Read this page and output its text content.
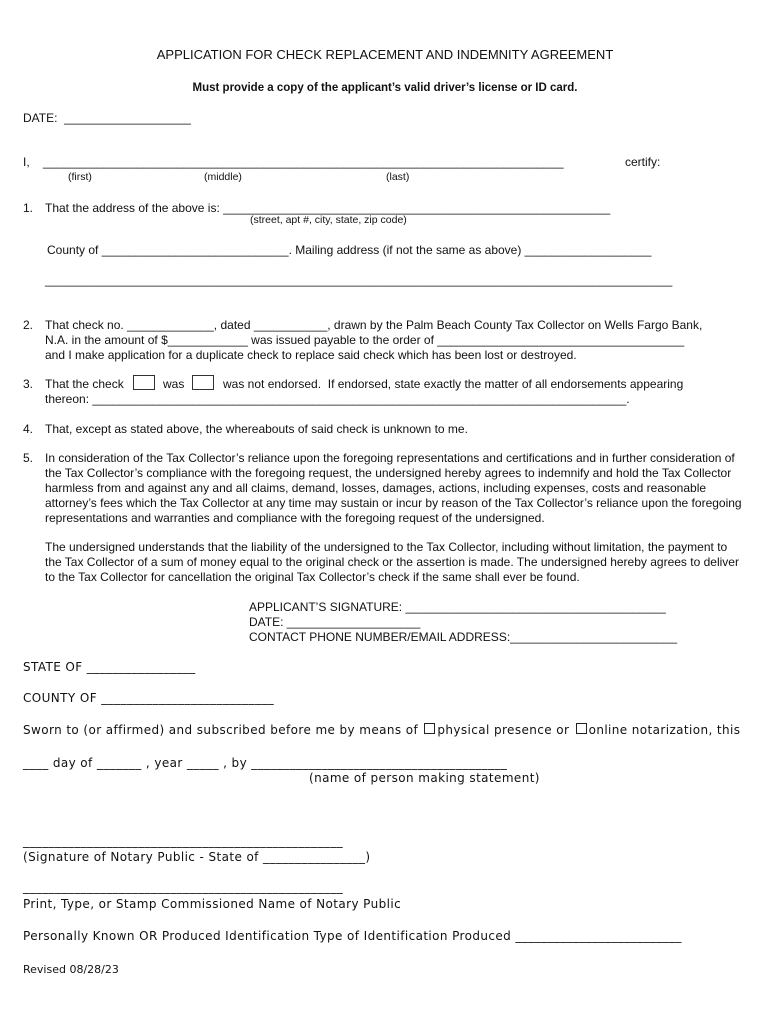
APPLICATION FOR CHECK REPLACEMENT AND INDEMNITY AGREEMENT
Must provide a copy of the applicant’s valid driver’s license or ID card.
DATE:  ___________________
I, ______________________________________________________________________________	certify:
(first)	(middle)	(last)
1. That the address of the above is: __________________________________________________________
(street, apt #, city, state, zip code)
County of ____________________________. Mailing address (if not the same as above) ___________________
______________________________________________________________________________________________
2. That check no. _____________, dated ___________, drawn by the Palm Beach County Tax Collector on Wells Fargo Bank,
N.A. in the amount of $____________ was issued payable to the order of _____________________________________
and I make application for a duplicate check to replace said check which has been lost or destroyed.
3. That the check	was	was not endorsed.  If endorsed, state exactly the matter of all endorsements appearing
thereon: ________________________________________________________________________________.
4. That, except as stated above, the whereabouts of said check is unknown to me.
5. In consideration of the Tax Collector’s reliance upon the foregoing representations and certifications and in further consideration of the Tax Collector’s compliance with the foregoing request, the undersigned hereby agrees to indemnify and hold the Tax Collector harmless from and against any and all claims, demand, losses, damages, actions, including expenses, costs and reasonable attorney’s fees which the Tax Collector at any time may sustain or incur by reason of the Tax Collector’s reliance upon the foregoing representations and warranties and compliance with the foregoing request of the undersigned.
The undersigned understands that the liability of the undersigned to the Tax Collector, including without limitation, the payment to the Tax Collector of a sum of money equal to the original check or the assertion is made. The undersigned hereby agrees to deliver to the Tax Collector for cancellation the original Tax Collector’s check if the same shall ever be found.
APPLICANT’S SIGNATURE: _______________________________________
DATE: ____________________
CONTACT PHONE NUMBER/EMAIL ADDRESS:_________________________
STATE OF _________________
COUNTY OF ___________________________
Sworn to (or affirmed) and subscribed before me by means of physical presence or online notarization, this
____ day of _______ , year _____ , by ________________________________________
(name of person making statement)
__________________________________________________
(Signature of Notary Public - State of ________________)
__________________________________________________
Print, Type, or Stamp Commissioned Name of Notary Public
Personally Known OR Produced Identification Type of Identification Produced __________________________
Revised 08/28/23
